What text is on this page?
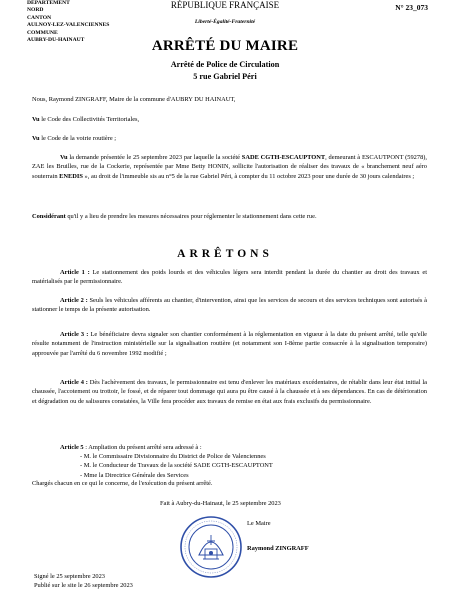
DÉPARTEMENT
NORD
CANTON
AULNOY-LEZ-VALENCIENNES
COMMUNE
AUBRY-DU-HAINAUT
RÉPUBLIQUE FRANÇAISE
Liberté-Égalité-Fraternité
N° 23_073
ARRÊTÉ DU MAIRE
Arrêté de Police de Circulation
5 rue Gabriel Péri
Nous, Raymond ZINGRAFF, Maire de la commune d'AUBRY DU HAINAUT,
Vu le Code des Collectivités Territoriales,
Vu le Code de la voirie routière ;
Vu la demande présentée le 25 septembre 2023 par laquelle la société SADE CGTH-ESCAUPTONT, demeurant à ESCAUTPONT (59278), ZAE les Bruilles, rue de la Cockerie, représentée par Mme Betty HONIN, sollicite l'autorisation de réaliser des travaux de « branchement neuf aéro souterrain ENEDIS », au droit de l'immeuble sis au n°5 de la rue Gabriel Péri, à compter du 11 octobre 2023 pour une durée de 30 jours calendaires ;
Considérant qu'il y a lieu de prendre les mesures nécessaires pour réglementer le stationnement dans cette rue.
ARRÊTONS
Article 1 : Le stationnement des poids lourds et des véhicules légers sera interdit pendant la durée du chantier au droit des travaux et matérialisés par le permissionnaire.
Article 2 : Seuls les véhicules afférents au chantier, d'intervention, ainsi que les services de secours et des services techniques sont autorisés à stationner le temps de la présente autorisation.
Article 3 : Le bénéficiaire devra signaler son chantier conformément à la réglementation en vigueur à la date du présent arrêté, telle qu'elle résulte notamment de l'instruction ministérielle sur la signalisation routière (et notamment son I-8ème partie consacrée à la signalisation temporaire) approuvée par l'arrêté du 6 novembre 1992 modifié ;
Article 4 : Dès l'achèvement des travaux, le permissionnaire est tenu d'enlever les matériaux excédentaires, de rétablir dans leur état initial la chaussée, l'accotement ou trottoir, le fossé, et de réparer tout dommage qui aura pu être causé à la chaussée et à ses dépendances. En cas de détérioration et dégradation ou de salissures constatées, la Ville fera procéder aux travaux de remise en état aux frais exclusifs du permissionnaire.
Article 5 : Ampliation du présent arrêté sera adressé à :
- M. le Commissaire Divisionnaire du District de Police de Valenciennes
- M. le Conducteur de Travaux de la société SADE CGTH-ESCAUPTONT
- Mme la Directrice Générale des Services
Chargés chacun en ce qui le concerne, de l'exécution du présent arrêté.
Fait à Aubry-du-Hainaut, le 25 septembre 2023
Le Maire
Raymond ZINGRAFF
Signé le 25 septembre 2023
Publié sur le site le 26 septembre 2023
